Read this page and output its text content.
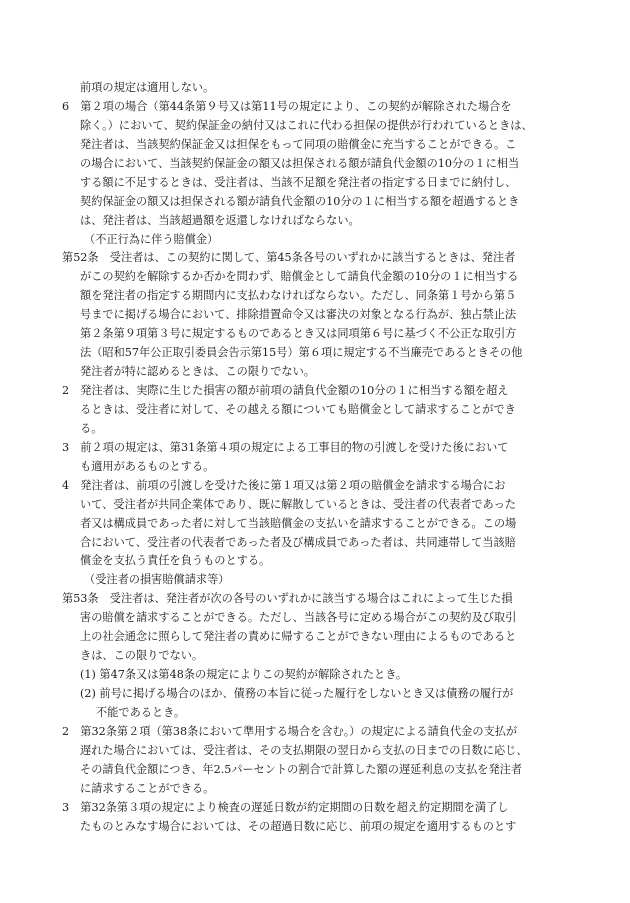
前項の規定は適用しない。
6　第２項の場合（第44条第９号又は第11号の規定により、この契約が解除された場合を
除く。）において、契約保証金の納付又はこれに代わる担保の提供が行われているときは、
発注者は、当該契約保証金又は担保をもって同項の賠償金に充当することができる。こ
の場合において、当該契約保証金の額又は担保される額が請負代金額の10分の１に相当
する額に不足するときは、受注者は、当該不足額を発注者の指定する日までに納付し、
契約保証金の額又は担保される額が請負代金額の10分の１に相当する額を超過するとき
は、発注者は、当該超過額を返還しなければならない。
（不正行為に伴う賠償金）
第52条　受注者は、この契約に関して、第45条各号のいずれかに該当するときは、発注者
がこの契約を解除するか否かを問わず、賠償金として請負代金額の10分の１に相当する
額を発注者の指定する期間内に支払わなければならない。ただし、同条第１号から第５
号までに掲げる場合において、排除措置命令又は審決の対象となる行為が、独占禁止法
第２条第９項第３号に規定するものであるとき又は同項第６号に基づく不公正な取引方
法（昭和57年公正取引委員会告示第15号）第６項に規定する不当廉売であるときその他
発注者が特に認めるときは、この限りでない。
2　発注者は、実際に生じた損害の額が前項の請負代金額の10分の１に相当する額を超え
るときは、受注者に対して、その越える額についても賠償金として請求することができ
る。
3　前２項の規定は、第31条第４項の規定による工事目的物の引渡しを受けた後において
も適用があるものとする。
4　発注者は、前項の引渡しを受けた後に第１項又は第２項の賠償金を請求する場合にお
いて、受注者が共同企業体であり、既に解散しているときは、受注者の代表者であった
者又は構成員であった者に対して当該賠償金の支払いを請求することができる。この場
合において、受注者の代表者であった者及び構成員であった者は、共同連帯して当該賠
償金を支払う責任を負うものとする。
（受注者の損害賠償請求等）
第53条　受注者は、発注者が次の各号のいずれかに該当する場合はこれによって生じた損
害の賠償を請求することができる。ただし、当該各号に定める場合がこの契約及び取引
上の社会通念に照らして発注者の責めに帰することができない理由によるものであると
きは、この限りでない。
(1) 第47条又は第48条の規定によりこの契約が解除されたとき。
(2) 前号に掲げる場合のほか、債務の本旨に従った履行をしないとき又は債務の履行が
不能であるとき。
2　第32条第２項（第38条において準用する場合を含む。）の規定による請負代金の支払が
遅れた場合においては、受注者は、その支払期限の翌日から支払の日までの日数に応じ、
その請負代金額につき、年2.5パーセントの割合で計算した額の遅延利息の支払を発注者
に請求することができる。
3　第32条第３項の規定により検査の遅延日数が約定期間の日数を超え約定期間を満了し
たものとみなす場合においては、その超過日数に応じ、前項の規定を適用するものとす
